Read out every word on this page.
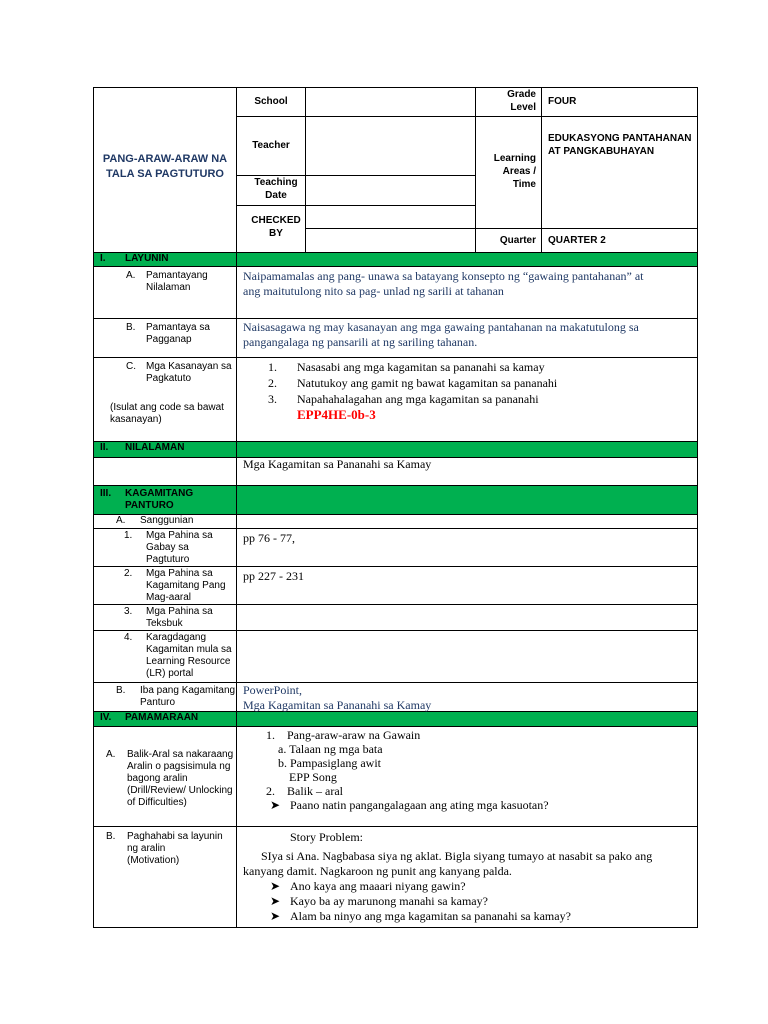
PANG-ARAW-ARAW NA
TALA SA PAGTUTURO
School
Teacher
Teaching
Date
CHECKED
BY
Grade
Level
FOUR
Learning
Areas /
Time
EDUKASYONG PANTAHANAN
AT PANGKABUHAYAN
Quarter QUARTER 2
I. LAYUNIN
A. Pamantayang
Nilalaman
Naipamamalas ang pang- unawa sa batayang konsepto ng “gawaing pantahanan” at
ang maitutulong nito sa pag- unlad ng sarili at tahanan
B. Pamantaya sa
Pagganap
Naisasagawa ng may kasanayan ang mga gawaing pantahanan na makatutulong sa
pangangalaga ng pansarili at ng sariling tahanan.
C. Mga Kasanayan sa
Pagkatuto
(Isulat ang code sa bawat
kasanayan)
1. Nasasabi ang mga kagamitan sa pananahi sa kamay
2. Natutukoy ang gamit ng bawat kagamitan sa pananahi
3. Napahahalagahan ang mga kagamitan sa pananahi
EPP4HE-0b-3
II. NILALAMAN
Mga Kagamitan sa Pananahi sa Kamay
III. KAGAMITANG
PANTURO
A. Sanggunian
1. Mga Pahina sa
Gabay sa
Pagtuturo
pp 76 - 77,
2. Mga Pahina sa
Kagamitang Pang
Mag-aaral
pp 227 - 231
3. Mga Pahina sa
Teksbuk
4. Karagdagang
Kagamitan mula sa
Learning Resource
(LR) portal
B. Iba pang Kagamitang
Panturo
PowerPoint,
Mga Kagamitan sa Pananahi sa Kamay
IV. PAMAMARAAN
A. Balik-Aral sa nakaraang
Aralin o pagsisimula ng
bagong aralin
(Drill/Review/ Unlocking
of Difficulties)
1. Pang-araw-araw na Gawain
a. Talaan ng mga bata
b. Pampasiglang awit
EPP Song
2. Balik – aral
➤ Paano natin pangangalagaan ang ating mga kasuotan?
B. Paghahabi sa layunin
ng aralin
(Motivation)
Story Problem:
SIya si Ana. Nagbabasa siya ng aklat. Bigla siyang tumayo at nasabit sa pako ang
kanyang damit. Nagkaroon ng punit ang kanyang palda.
➤ Ano kaya ang maaari niyang gawin?
➤ Kayo ba ay marunong manahi sa kamay?
➤ Alam ba ninyo ang mga kagamitan sa pananahi sa kamay?
